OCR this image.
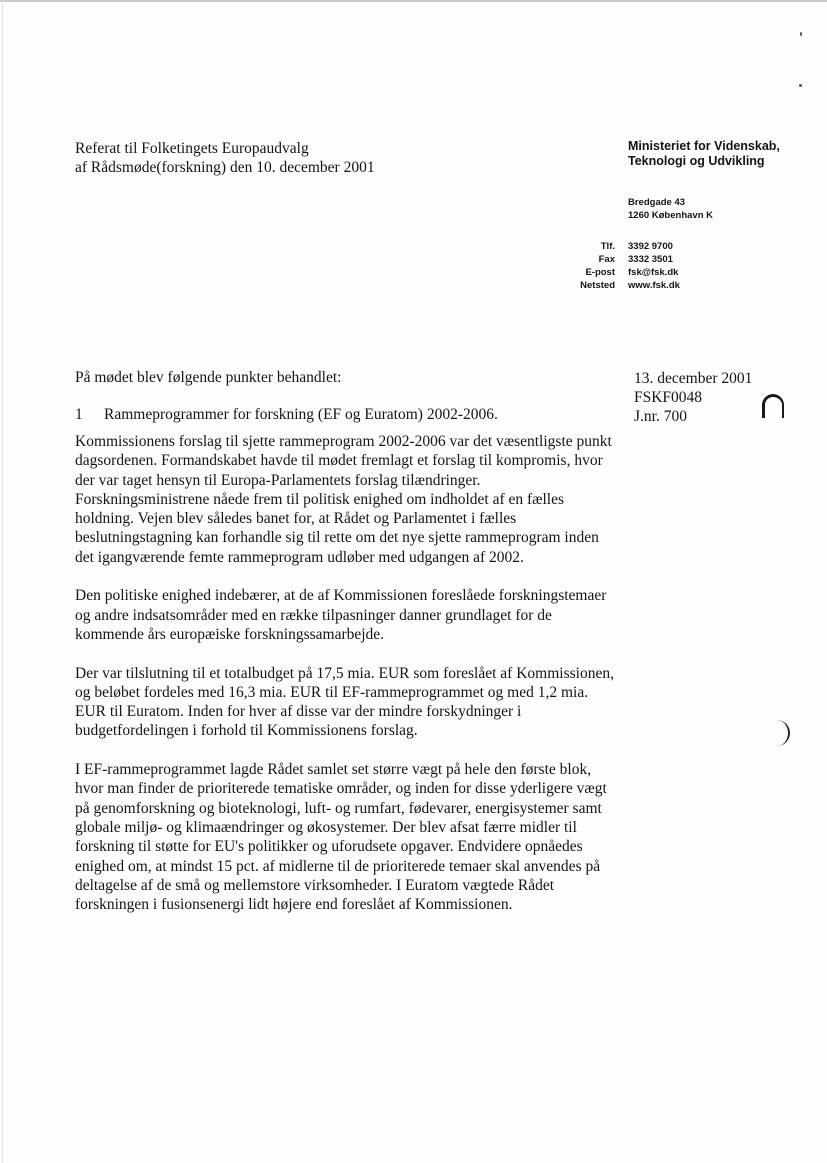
Referat til Folketingets Europaudvalg
af Rådsmøde(forskning) den 10. december 2001
Ministeriet for Videnskab, Teknologi og Udvikling
Bredgade 43
1260 København K
Tlf.
Fax
E-post
Netsted
3392 9700
3332 3501
fsk@fsk.dk
www.fsk.dk
På mødet blev følgende punkter behandlet:
1 Rammeprogrammer for forskning (EF og Euratom) 2002-2006.
13. december 2001
FSKF0048
J.nr. 700

Kommissionens forslag til sjette rammeprogram 2002-2006 var det væsentligste punkt dagsordenen. Formandskabet havde til mødet fremlagt et forslag til kompromis, hvor der var taget hensyn til Europa-Parlamentets forslag tilændringer. Forskningsministrene nåede frem til politisk enighed om indholdet af en fælles holdning. Vejen blev således banet for, at Rådet og Parlamentet i fælles beslutningstagning kan forhandle sig til rette om det nye sjette rammeprogram inden det igangværende femte rammeprogram udløber med udgangen af 2002.

Den politiske enighed indebærer, at de af Kommissionen foreslåede forskningstemaer og andre indsatsområder med en række tilpasninger danner grundlaget for de kommende års europæiske forskningssamarbejde.

Der var tilslutning til et totalbudget på 17,5 mia. EUR som foreslået af Kommissionen, og beløbet fordeles med 16,3 mia. EUR til EF-rammeprogrammet og med 1,2 mia. EUR til Euratom. Inden for hver af disse var der mindre forskydninger i budgetfordelingen i forhold til Kommissionens forslag.

I EF-rammeprogrammet lagde Rådet samlet set større vægt på hele den første blok, hvor man finder de prioriterede tematiske områder, og inden for disse yderligere vægt på genomforskning og bioteknologi, luft- og rumfart, fødevarer, energisystemer samt globale miljø- og klimaændringer og økosystemer. Der blev afsat færre midler til forskning til støtte for EU's politikker og uforudsete opgaver. Endvidere opnåedes enighed om, at mindst 15 pct. af midlerne til de prioriterede temaer skal anvendes på deltagelse af de små og mellemstore virksomheder. I Euratom vægtede Rådet forskningen i fusionsenergi lidt højere end foreslået af Kommissionen.
